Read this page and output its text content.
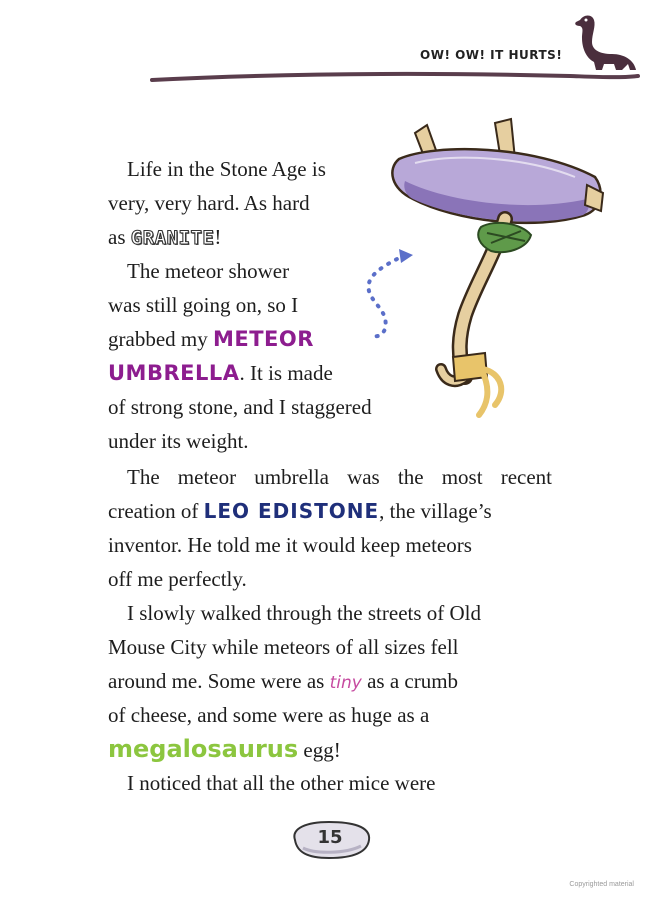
OW! OW! IT HURTS!
Life in the Stone Age is
very, very hard. As hard
as GRANITE!
The meteor shower
was still going on, so I
grabbed my METEOR
UMBRELLA. It is made
of strong stone, and I staggered
under its weight.
The meteor umbrella was the most recent
creation of LEO EDISTONE, the village’s
inventor. He told me it would keep meteors
off me perfectly.
I slowly walked through the streets of Old
Mouse City while meteors of all sizes fell
around me. Some were as tiny as a crumb
of cheese, and some were as huge as a
megalosaurus egg!
I noticed that all the other mice were
15
Copyrighted material
